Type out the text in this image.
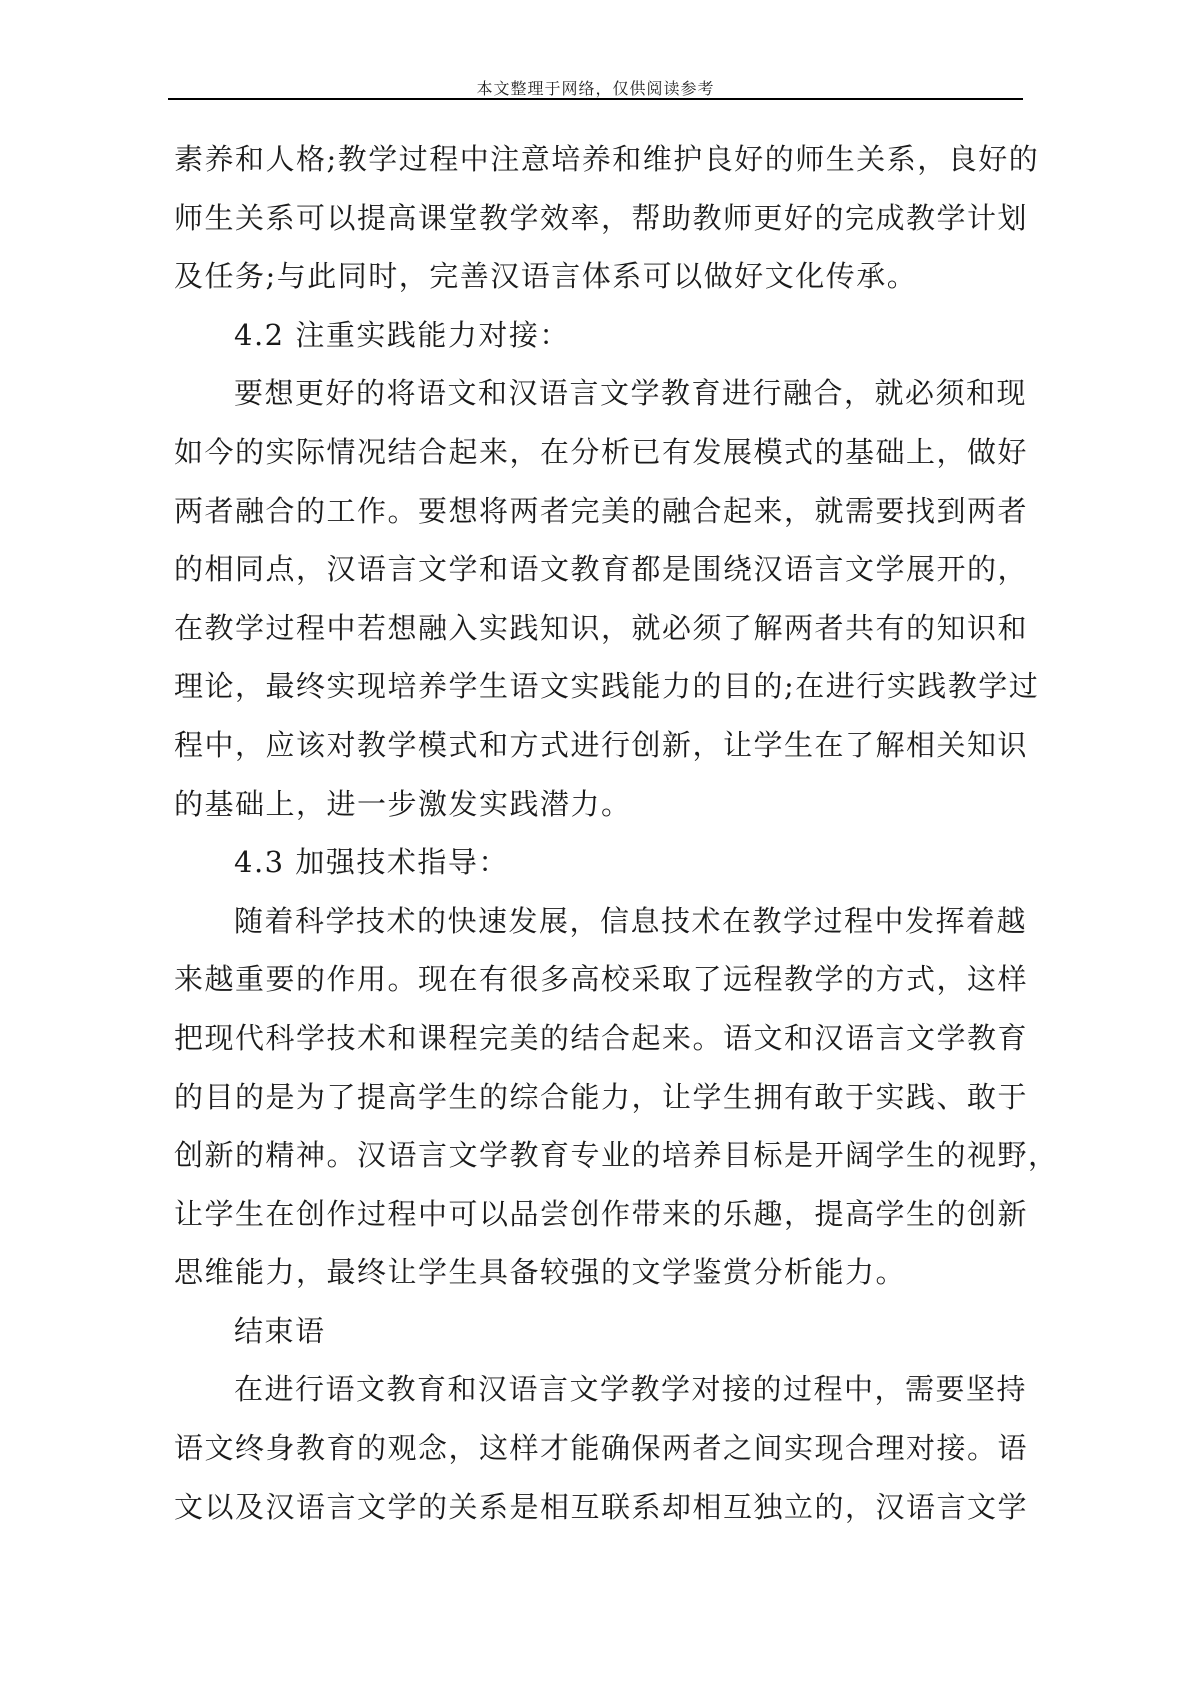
本文整理于网络，仅供阅读参考
素养和人格;教学过程中注意培养和维护良好的师生关系，良好的
师生关系可以提高课堂教学效率，帮助教师更好的完成教学计划
及任务;与此同时，完善汉语言体系可以做好文化传承。
4.2 注重实践能力对接：
要想更好的将语文和汉语言文学教育进行融合，就必须和现
如今的实际情况结合起来，在分析已有发展模式的基础上，做好
两者融合的工作。要想将两者完美的融合起来，就需要找到两者
的相同点，汉语言文学和语文教育都是围绕汉语言文学展开的，
在教学过程中若想融入实践知识，就必须了解两者共有的知识和
理论，最终实现培养学生语文实践能力的目的;在进行实践教学过
程中，应该对教学模式和方式进行创新，让学生在了解相关知识
的基础上，进一步激发实践潜力。
4.3 加强技术指导：
随着科学技术的快速发展，信息技术在教学过程中发挥着越
来越重要的作用。现在有很多高校采取了远程教学的方式，这样
把现代科学技术和课程完美的结合起来。语文和汉语言文学教育
的目的是为了提高学生的综合能力，让学生拥有敢于实践、敢于
创新的精神。汉语言文学教育专业的培养目标是开阔学生的视野，
让学生在创作过程中可以品尝创作带来的乐趣，提高学生的创新
思维能力，最终让学生具备较强的文学鉴赏分析能力。
结束语
在进行语文教育和汉语言文学教学对接的过程中，需要坚持
语文终身教育的观念，这样才能确保两者之间实现合理对接。语
文以及汉语言文学的关系是相互联系却相互独立的，汉语言文学
